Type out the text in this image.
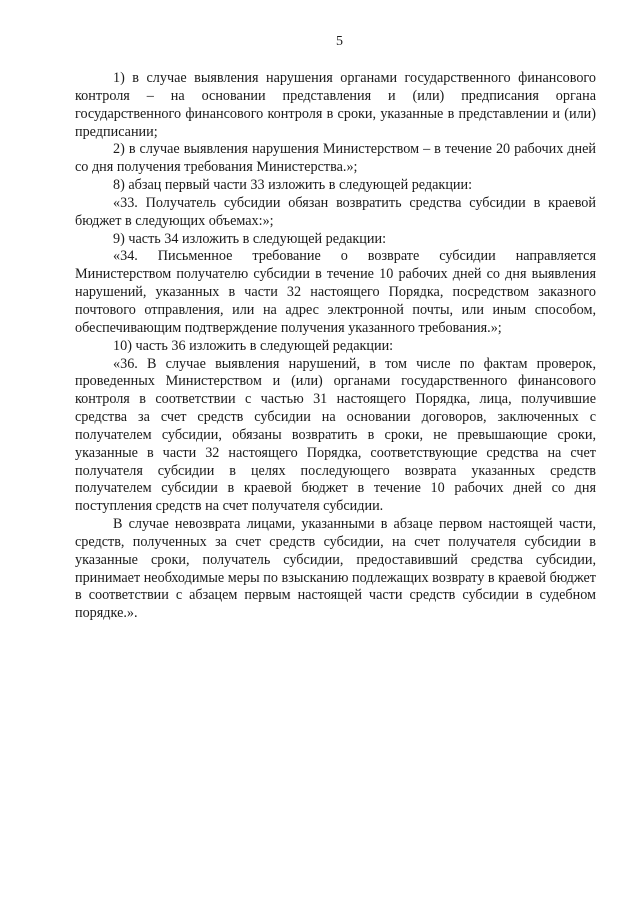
5

1) в случае выявления нарушения органами государственного финансового контроля – на основании представления и (или) предписания органа государственного финансового контроля в сроки, указанные в представлении и (или) предписании;

2) в случае выявления нарушения Министерством – в течение 20 рабочих дней со дня получения требования Министерства.»;

8) абзац первый части 33 изложить в следующей редакции:

«33. Получатель субсидии обязан возвратить средства субсидии в краевой бюджет в следующих объемах:»;

9) часть 34 изложить в следующей редакции:

«34. Письменное требование о возврате субсидии направляется Министерством получателю субсидии в течение 10 рабочих дней со дня выявления нарушений, указанных в части 32 настоящего Порядка, посредством заказного почтового отправления, или на адрес электронной почты, или иным способом, обеспечивающим подтверждение получения указанного требования.»;

10) часть 36 изложить в следующей редакции:

«36. В случае выявления нарушений, в том числе по фактам проверок, проведенных Министерством и (или) органами государственного финансового контроля в соответствии с частью 31 настоящего Порядка, лица, получившие средства за счет средств субсидии на основании договоров, заключенных с получателем субсидии, обязаны возвратить в сроки, не превышающие сроки, указанные в части 32 настоящего Порядка, соответствующие средства на счет получателя субсидии в целях последующего возврата указанных средств получателем субсидии в краевой бюджет в течение 10 рабочих дней со дня поступления средств на счет получателя субсидии.

В случае невозврата лицами, указанными в абзаце первом настоящей части, средств, полученных за счет средств субсидии, на счет получателя субсидии в указанные сроки, получатель субсидии, предоставивший средства субсидии, принимает необходимые меры по взысканию подлежащих возврату в краевой бюджет в соответствии с абзацем первым настоящей части средств субсидии в судебном порядке.».
